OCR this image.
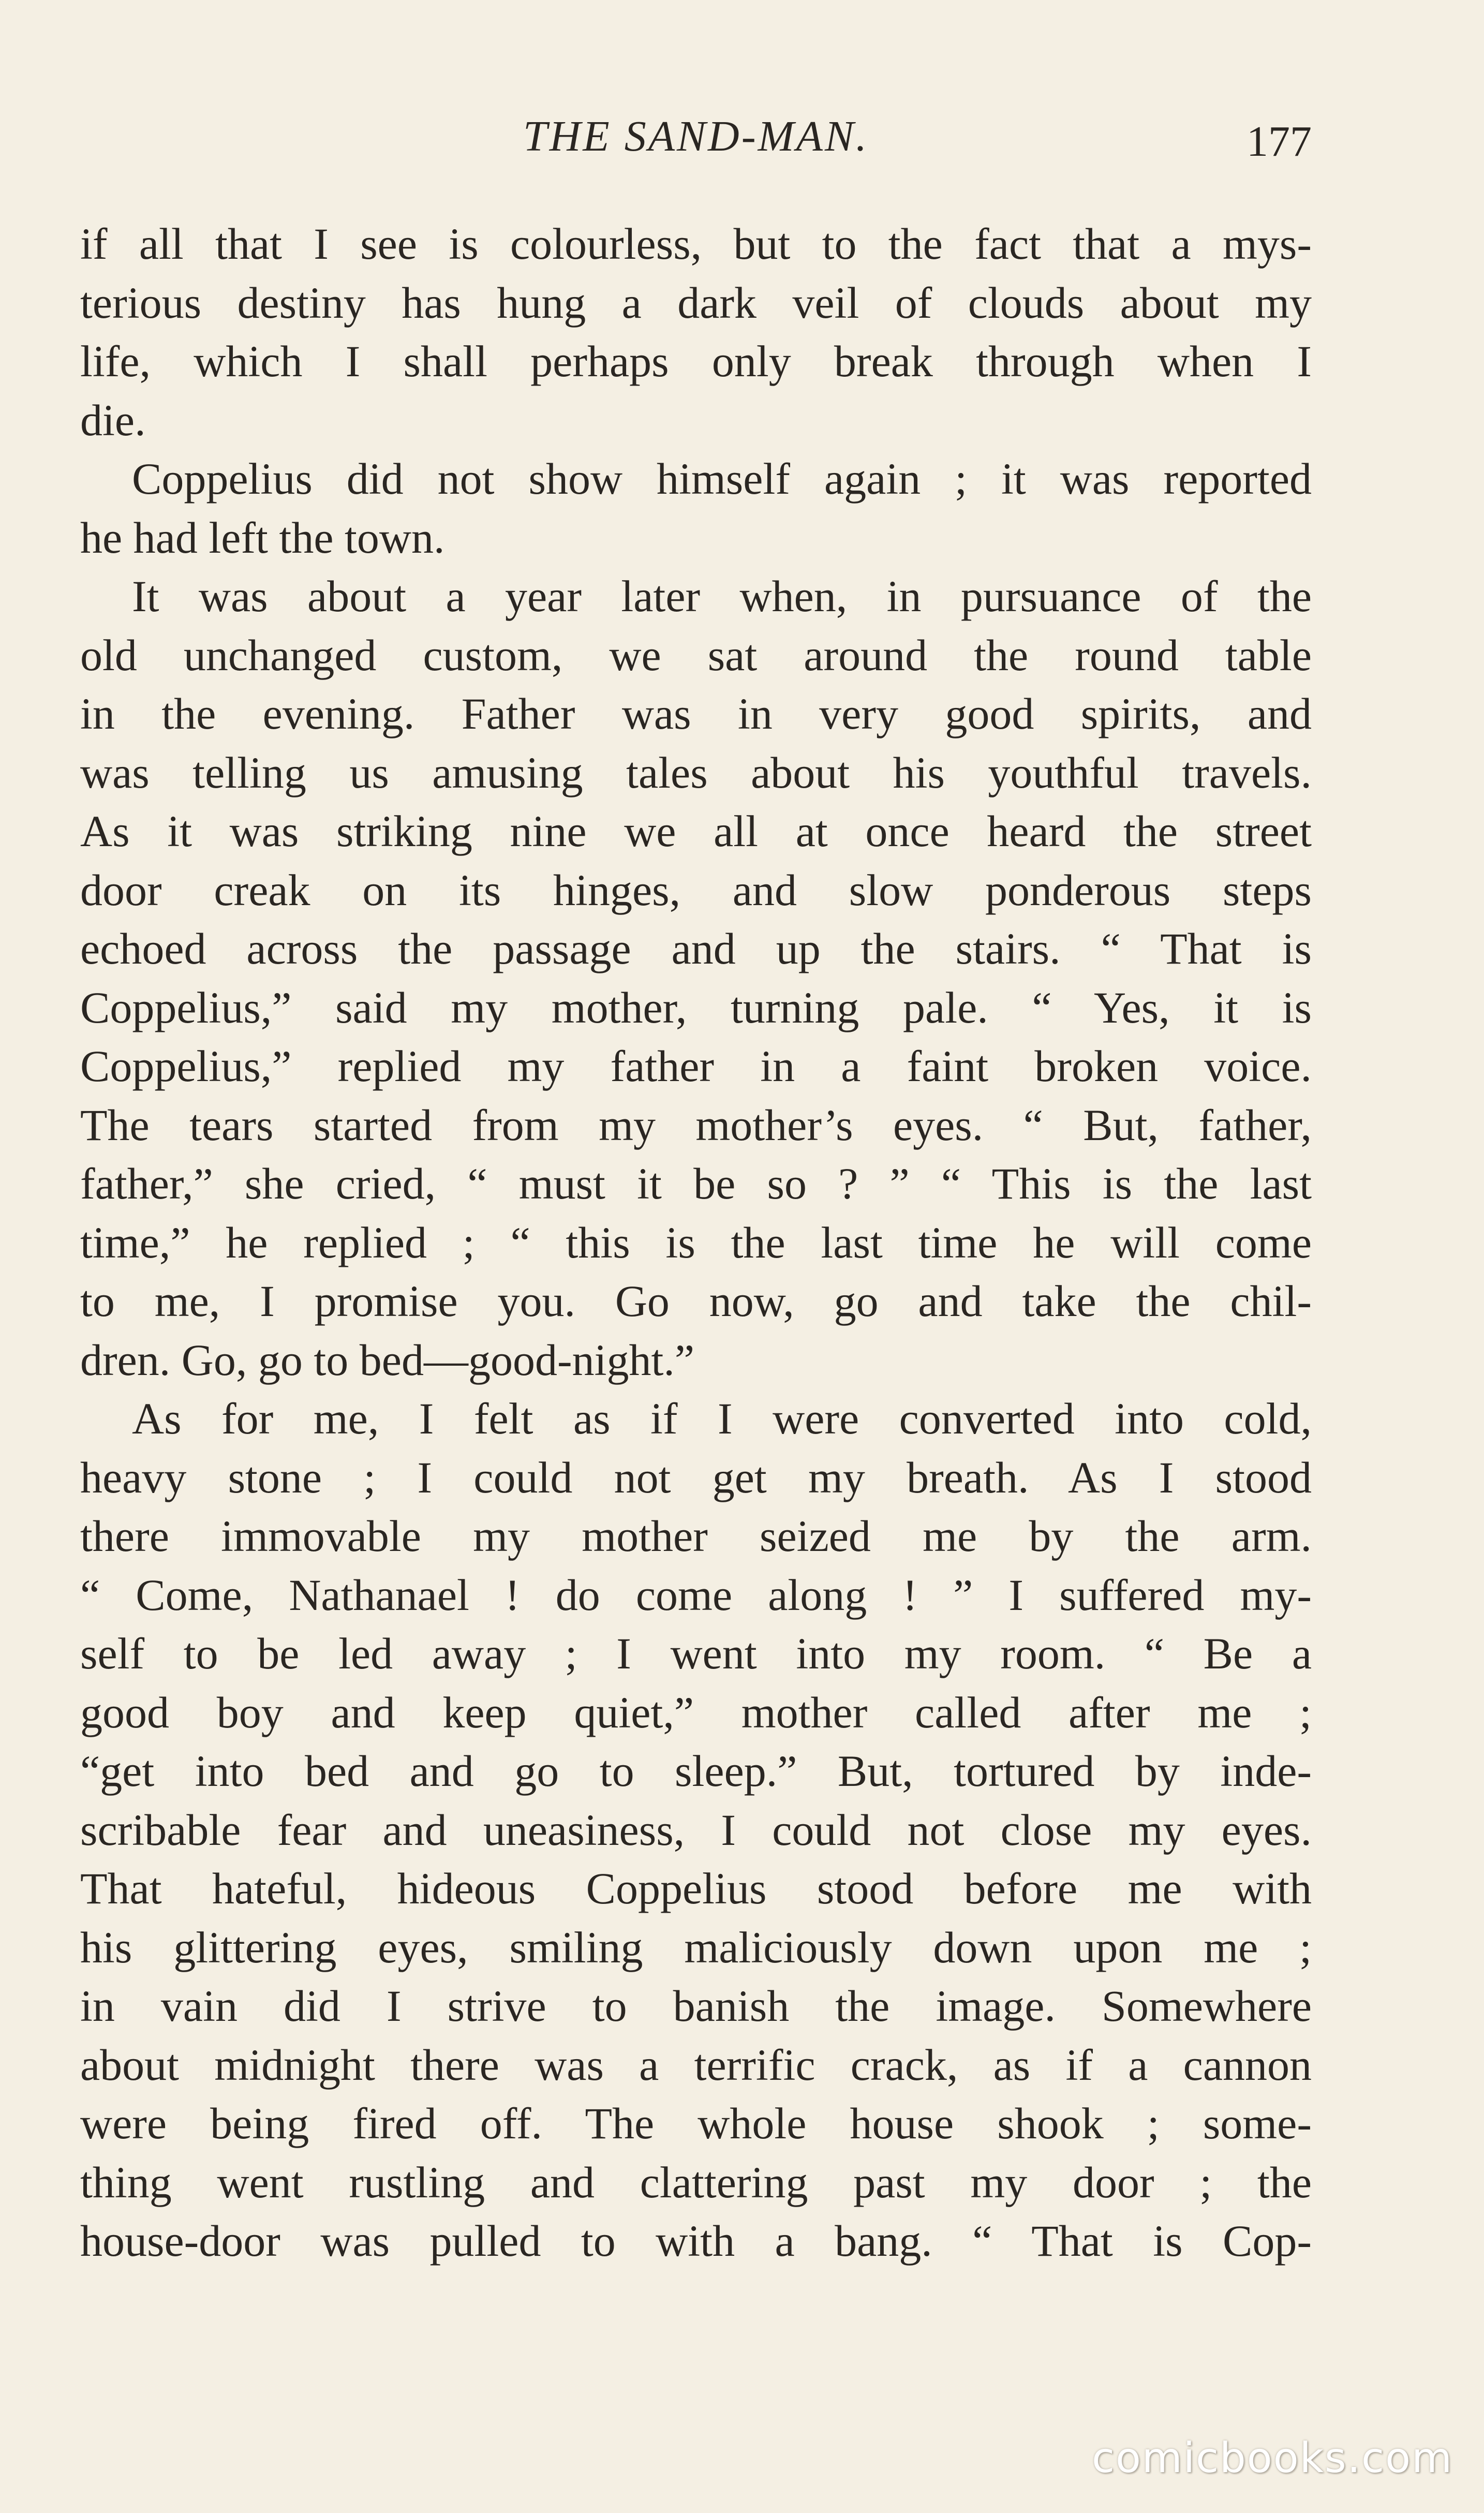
THE SAND-MAN.	177
if all that I see is colourless, but to the fact that a mys-
terious destiny has hung a dark veil of clouds about my
life, which I shall perhaps only break through when I
die.
Coppelius did not show himself again ; it was reported
he had left the town.
It was about a year later when, in pursuance of the
old unchanged custom, we sat around the round table
in the evening. Father was in very good spirits, and
was telling us amusing tales about his youthful travels.
As it was striking nine we all at once heard the street
door creak on its hinges, and slow ponderous steps
echoed across the passage and up the stairs. “ That is
Coppelius,” said my mother, turning pale. “ Yes, it is
Coppelius,” replied my father in a faint broken voice.
The tears started from my mother’s eyes. “ But, father,
father,” she cried, “ must it be so ? ” “ This is the last
time,” he replied ; “ this is the last time he will come
to me, I promise you. Go now, go and take the chil-
dren. Go, go to bed—good-night.”
As for me, I felt as if I were converted into cold,
heavy stone ; I could not get my breath. As I stood
there immovable my mother seized me by the arm.
“ Come, Nathanael ! do come along ! ” I suffered my-
self to be led away ; I went into my room. “ Be a
good boy and keep quiet,” mother called after me ;
“get into bed and go to sleep.” But, tortured by inde-
scribable fear and uneasiness, I could not close my eyes.
That hateful, hideous Coppelius stood before me with
his glittering eyes, smiling maliciously down upon me ;
in vain did I strive to banish the image. Somewhere
about midnight there was a terrific crack, as if a cannon
were being fired off. The whole house shook ; some-
thing went rustling and clattering past my door ; the
house-door was pulled to with a bang. “ That is Cop-
comicbooks.com
